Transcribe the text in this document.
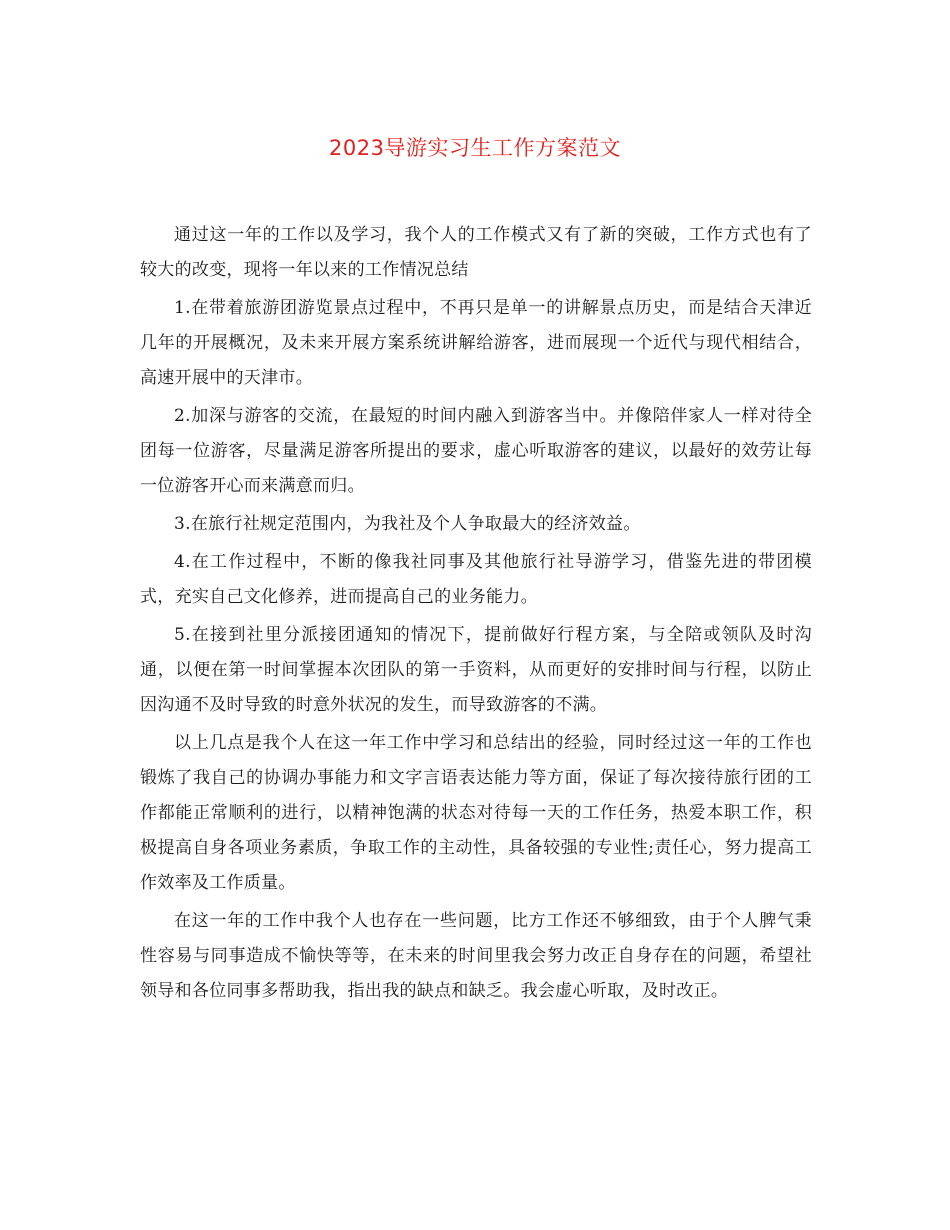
2023导游实习生工作方案范文

通过这一年的工作以及学习，我个人的工作模式又有了新的突破，工作方式也有了较大的改变，现将一年以来的工作情况总结

1.在带着旅游团游览景点过程中，不再只是单一的讲解景点历史，而是结合天津近几年的开展概况，及未来开展方案系统讲解给游客，进而展现一个近代与现代相结合，高速开展中的天津市。

2.加深与游客的交流，在最短的时间内融入到游客当中。并像陪伴家人一样对待全团每一位游客，尽量满足游客所提出的要求，虚心听取游客的建议，以最好的效劳让每一位游客开心而来满意而归。

3.在旅行社规定范围内，为我社及个人争取最大的经济效益。

4.在工作过程中，不断的像我社同事及其他旅行社导游学习，借鉴先进的带团模式，充实自己文化修养，进而提高自己的业务能力。

5.在接到社里分派接团通知的情况下，提前做好行程方案，与全陪或领队及时沟通，以便在第一时间掌握本次团队的第一手资料，从而更好的安排时间与行程，以防止因沟通不及时导致的时意外状况的发生，而导致游客的不满。

以上几点是我个人在这一年工作中学习和总结出的经验，同时经过这一年的工作也锻炼了我自己的协调办事能力和文字言语表达能力等方面，保证了每次接待旅行团的工作都能正常顺利的进行，以精神饱满的状态对待每一天的工作任务，热爱本职工作，积极提高自身各项业务素质，争取工作的主动性，具备较强的专业性;责任心，努力提高工作效率及工作质量。

在这一年的工作中我个人也存在一些问题，比方工作还不够细致，由于个人脾气秉性容易与同事造成不愉快等等，在未来的时间里我会努力改正自身存在的问题，希望社领导和各位同事多帮助我，指出我的缺点和缺乏。我会虚心听取，及时改正。
